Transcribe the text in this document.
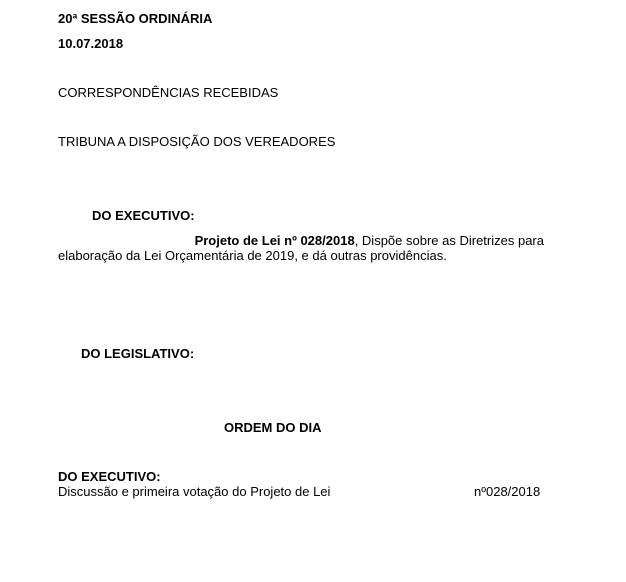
20ª SESSÃO ORDINÁRIA
10.07.2018
CORRESPONDÊNCIAS RECEBIDAS
TRIBUNA A DISPOSIÇÃO DOS VEREADORES
DO EXECUTIVO:
Projeto de Lei nº 028/2018, Dispõe sobre as Diretrizes para
elaboração da Lei Orçamentária de 2019, e dá outras providências.
DO LEGISLATIVO:
ORDEM DO DIA
DO EXECUTIVO:
Discussão e primeira votação do Projeto de Lei	nº028/2018
